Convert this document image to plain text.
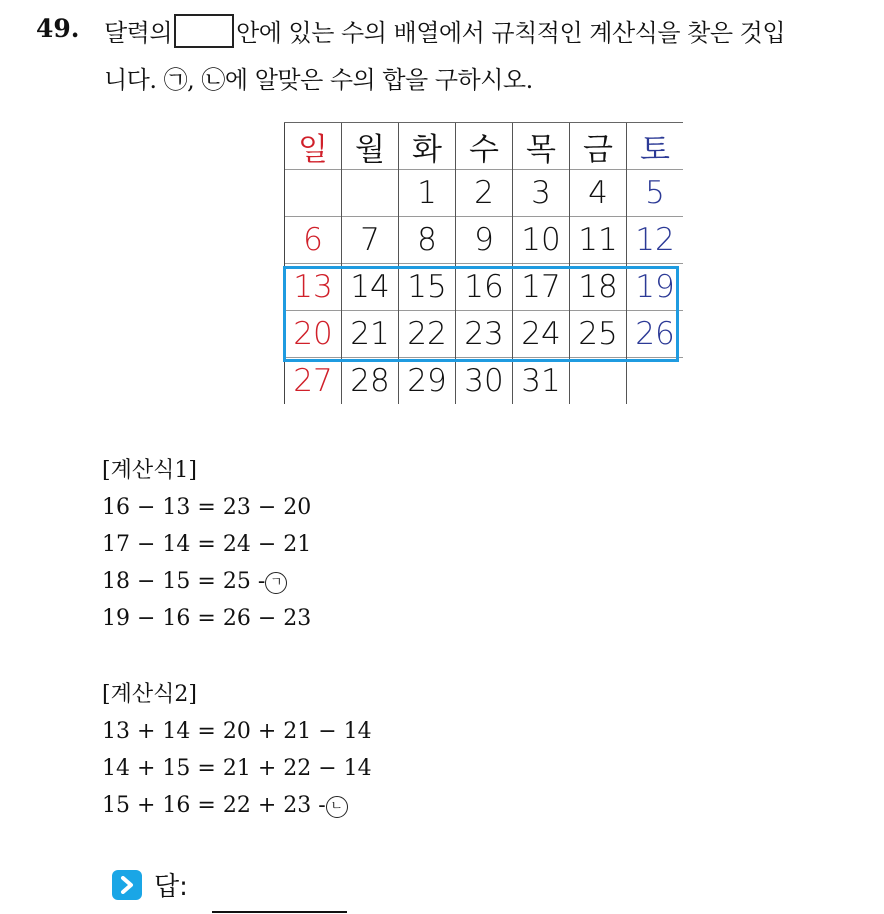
49. 달력의	안에 있는 수의 배열에서 규칙적인 계산식을 찾은 것입
니다. ㉠, ㉡에 알맞은 수의 합을 구하시오.
일	월	화	수	목	금	토
		1	2	3	4	5
6	7	8	9	10	11	12
13	14	15	16	17	18	19
20	21	22	23	24	25	26
27	28	29	30	31		
[계산식1]
16 − 13 = 23 − 20
17 − 14 = 24 − 21
18 − 15 = 25 - ㄱ
19 − 16 = 26 − 23
[계산식2]
13 + 14 = 20 + 21 − 14
14 + 15 = 21 + 22 − 14
15 + 16 = 22 + 23 - ㄴ
답:
